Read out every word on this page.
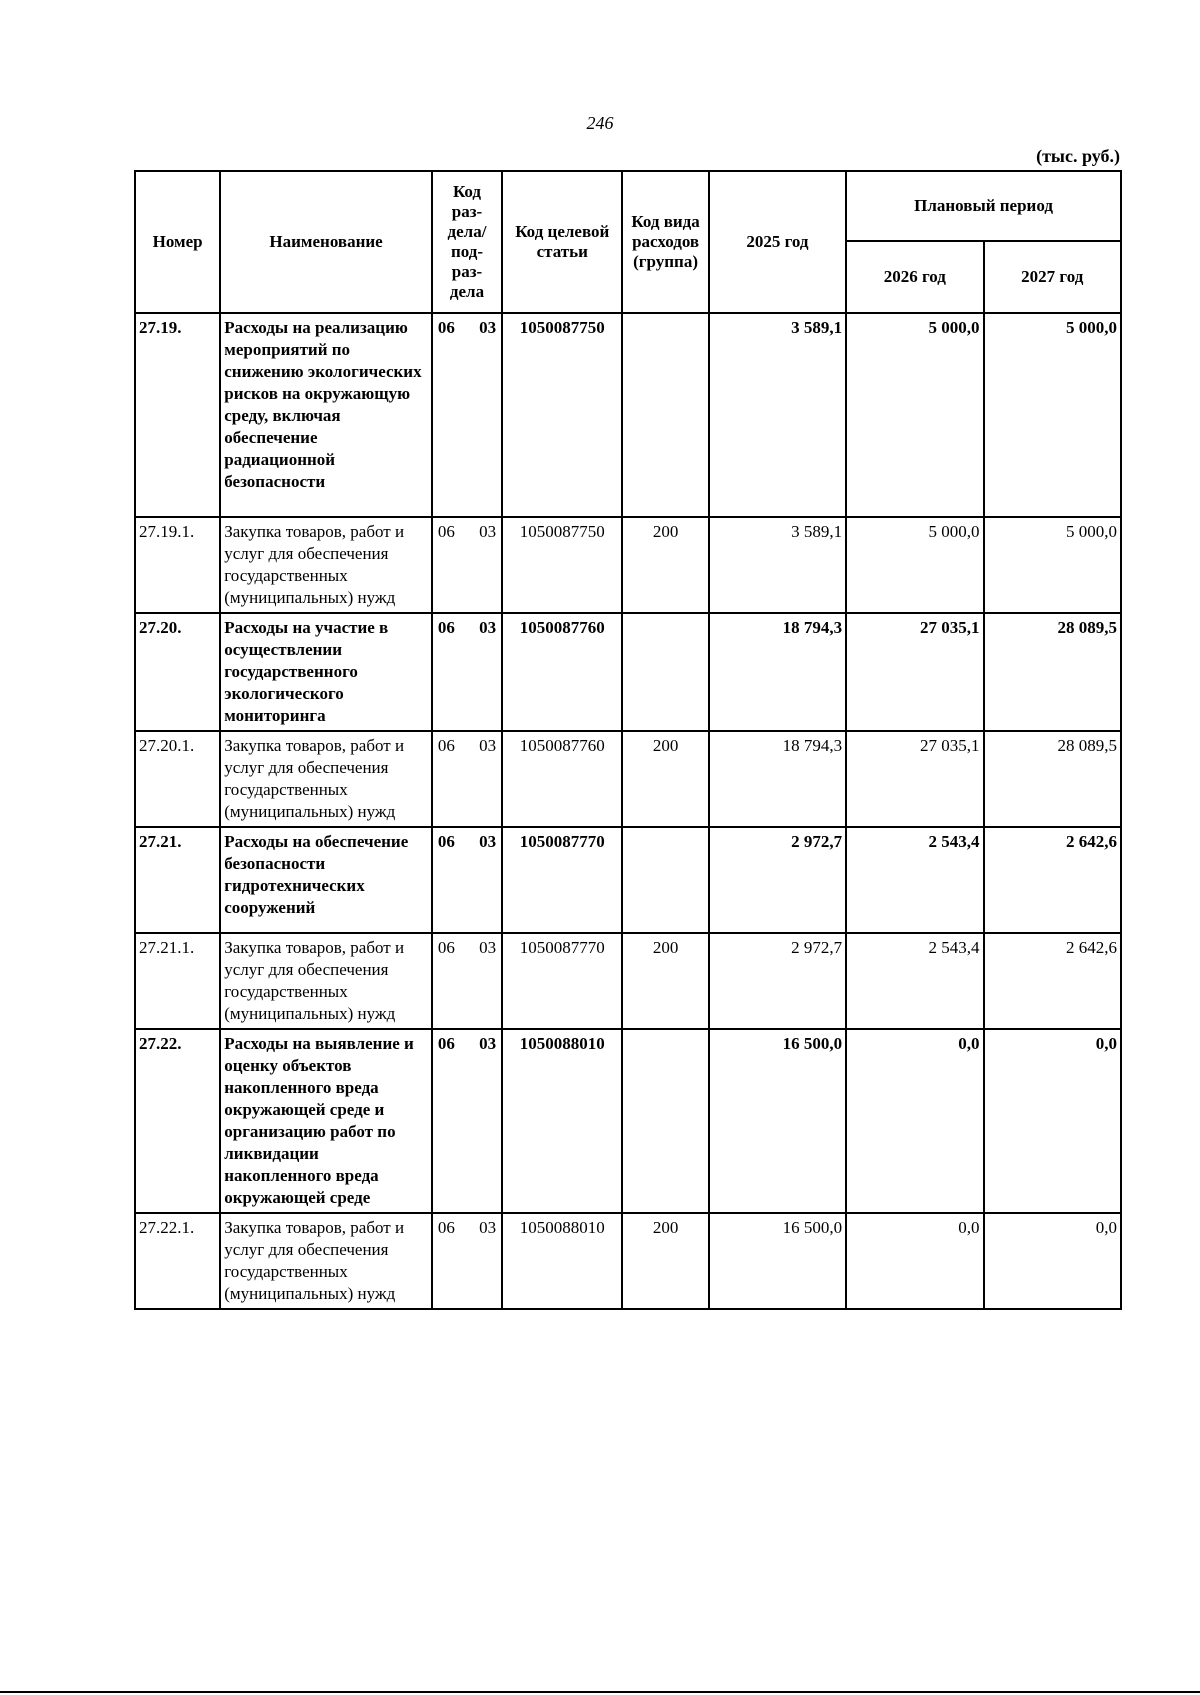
246
(тыс. руб.)
Номер	Наименование	Код раз-дела/ под-раз-дела	Код целевой статьи	Код вида расходов (группа)	2025 год	Плановый период	
						2026 год	2027 год
27.19.	Расходы на реализацию мероприятий по снижению экологических рисков на окружающую среду, включая обеспечение радиационной безопасности	06 03	1050087750		3 589,1	5 000,0	5 000,0
27.19.1.	Закупка товаров, работ и услуг для обеспечения государственных (муниципальных) нужд	06 03	1050087750	200	3 589,1	5 000,0	5 000,0
27.20.	Расходы на участие в осуществлении государственного экологического мониторинга	06 03	1050087760		18 794,3	27 035,1	28 089,5
27.20.1.	Закупка товаров, работ и услуг для обеспечения государственных (муниципальных) нужд	06 03	1050087760	200	18 794,3	27 035,1	28 089,5
27.21.	Расходы на обеспечение безопасности гидротехнических сооружений	06 03	1050087770		2 972,7	2 543,4	2 642,6
27.21.1.	Закупка товаров, работ и услуг для обеспечения государственных (муниципальных) нужд	06 03	1050087770	200	2 972,7	2 543,4	2 642,6
27.22.	Расходы на выявление и оценку объектов накопленного вреда окружающей среде и организацию работ по ликвидации накопленного вреда окружающей среде	06 03	1050088010		16 500,0	0,0	0,0
27.22.1.	Закупка товаров, работ и услуг для обеспечения государственных (муниципальных) нужд	06 03	1050088010	200	16 500,0	0,0	0,0
